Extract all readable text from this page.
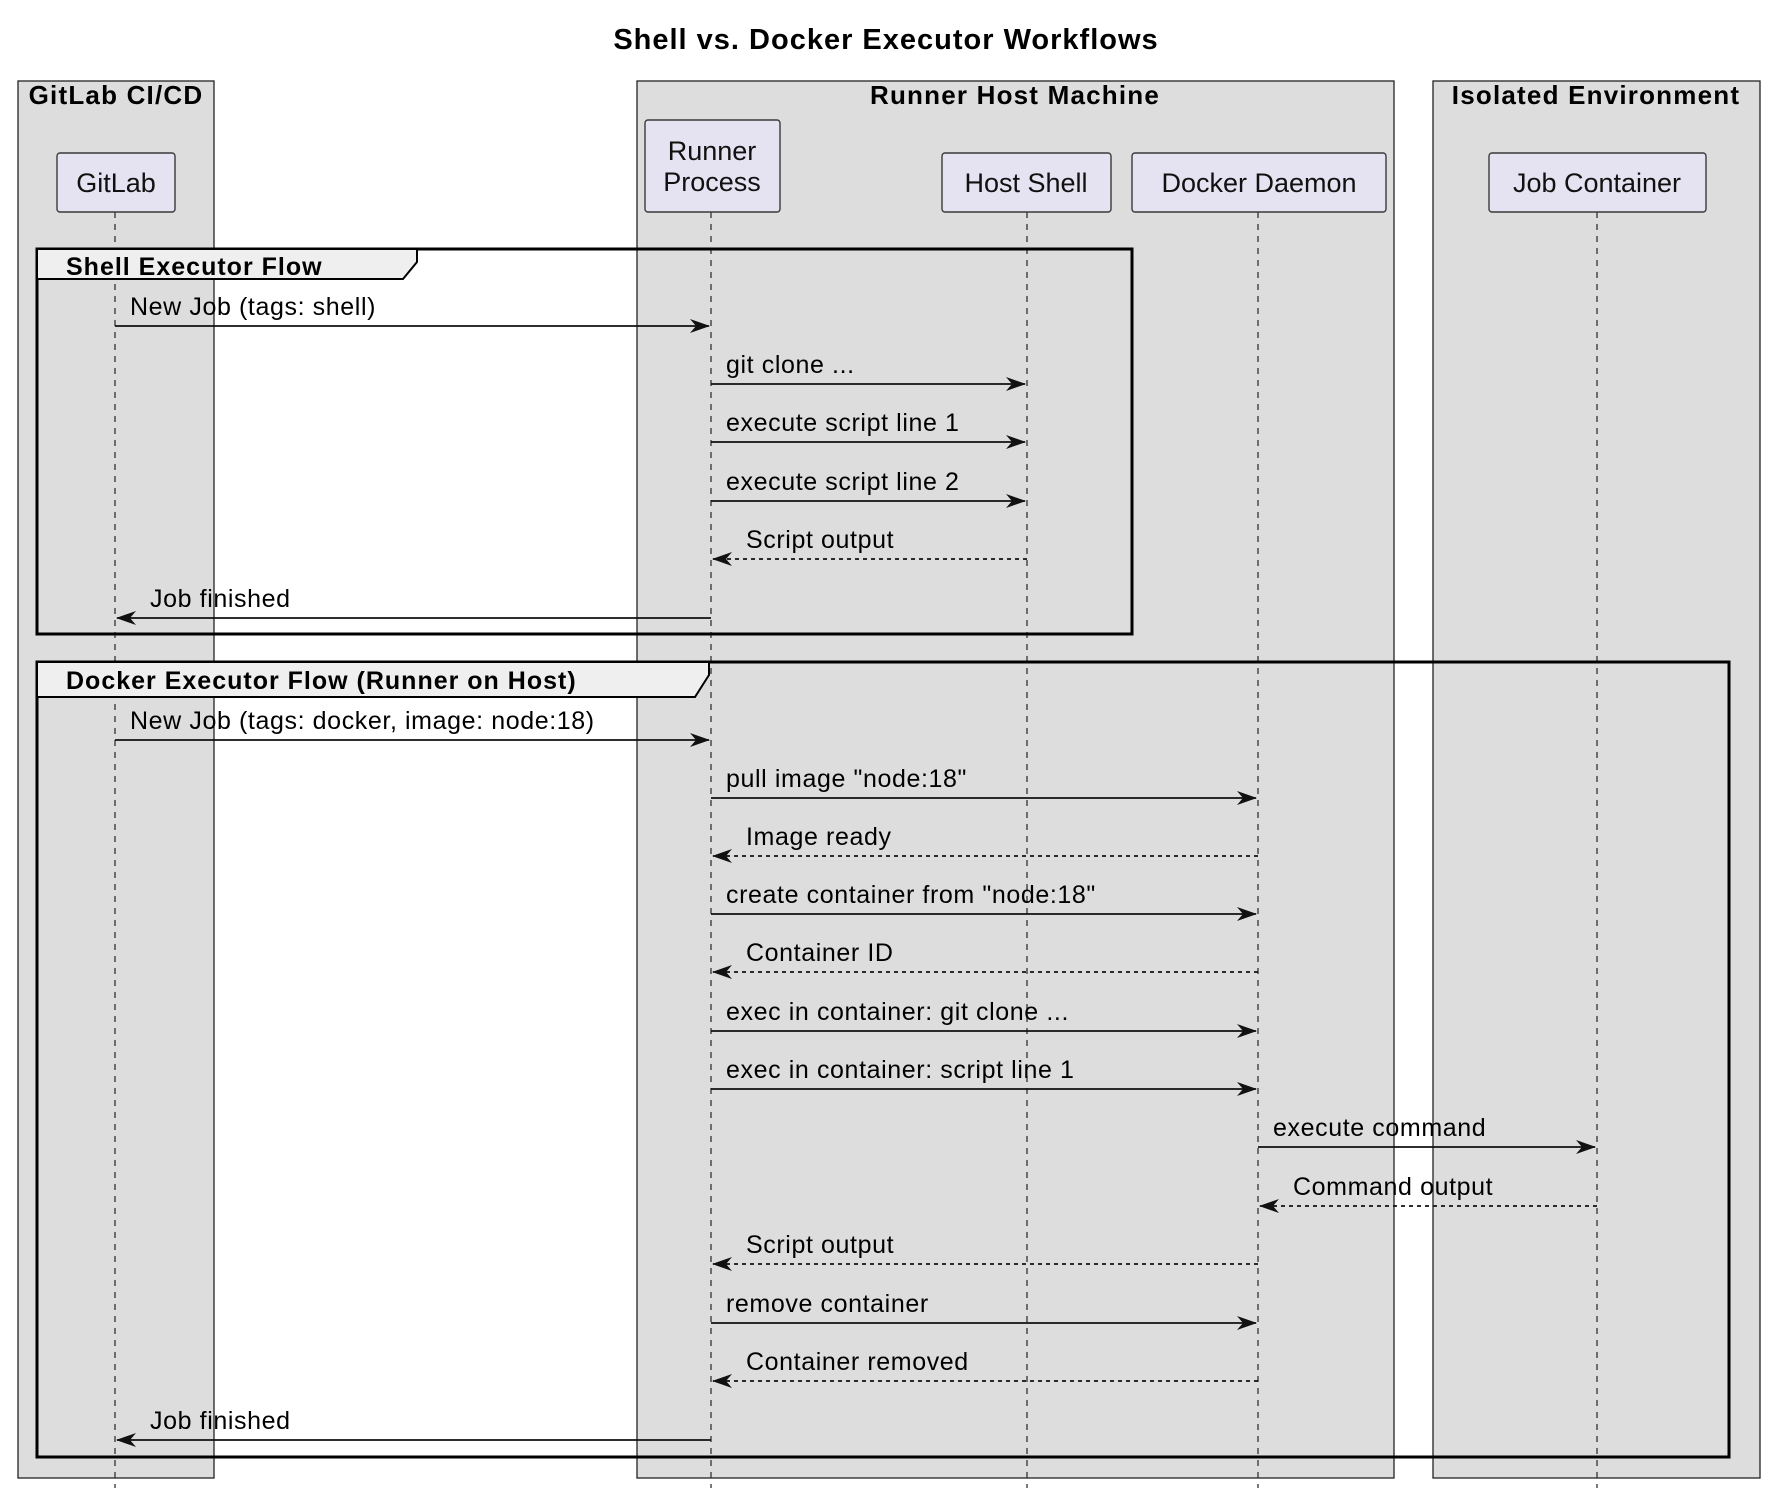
Shell vs. Docker Executor Workflows
GitLab CI/CD	Runner Host Machine	Isolated Environment
GitLab
Runner
Process	Host Shell	Docker Daemon	Job Container
Shell Executor Flow
Docker Executor Flow (Runner on Host)
New Job (tags: shell)
git clone ...
execute script line 1
execute script line 2
Script output
Job finished
New Job (tags: docker, image: node:18)
pull image "node:18"
Image ready
create container from "node:18"
Container ID
exec in container: git clone ...
exec in container: script line 1
execute command
Command output
Script output
remove container
Container removed
Job finished
